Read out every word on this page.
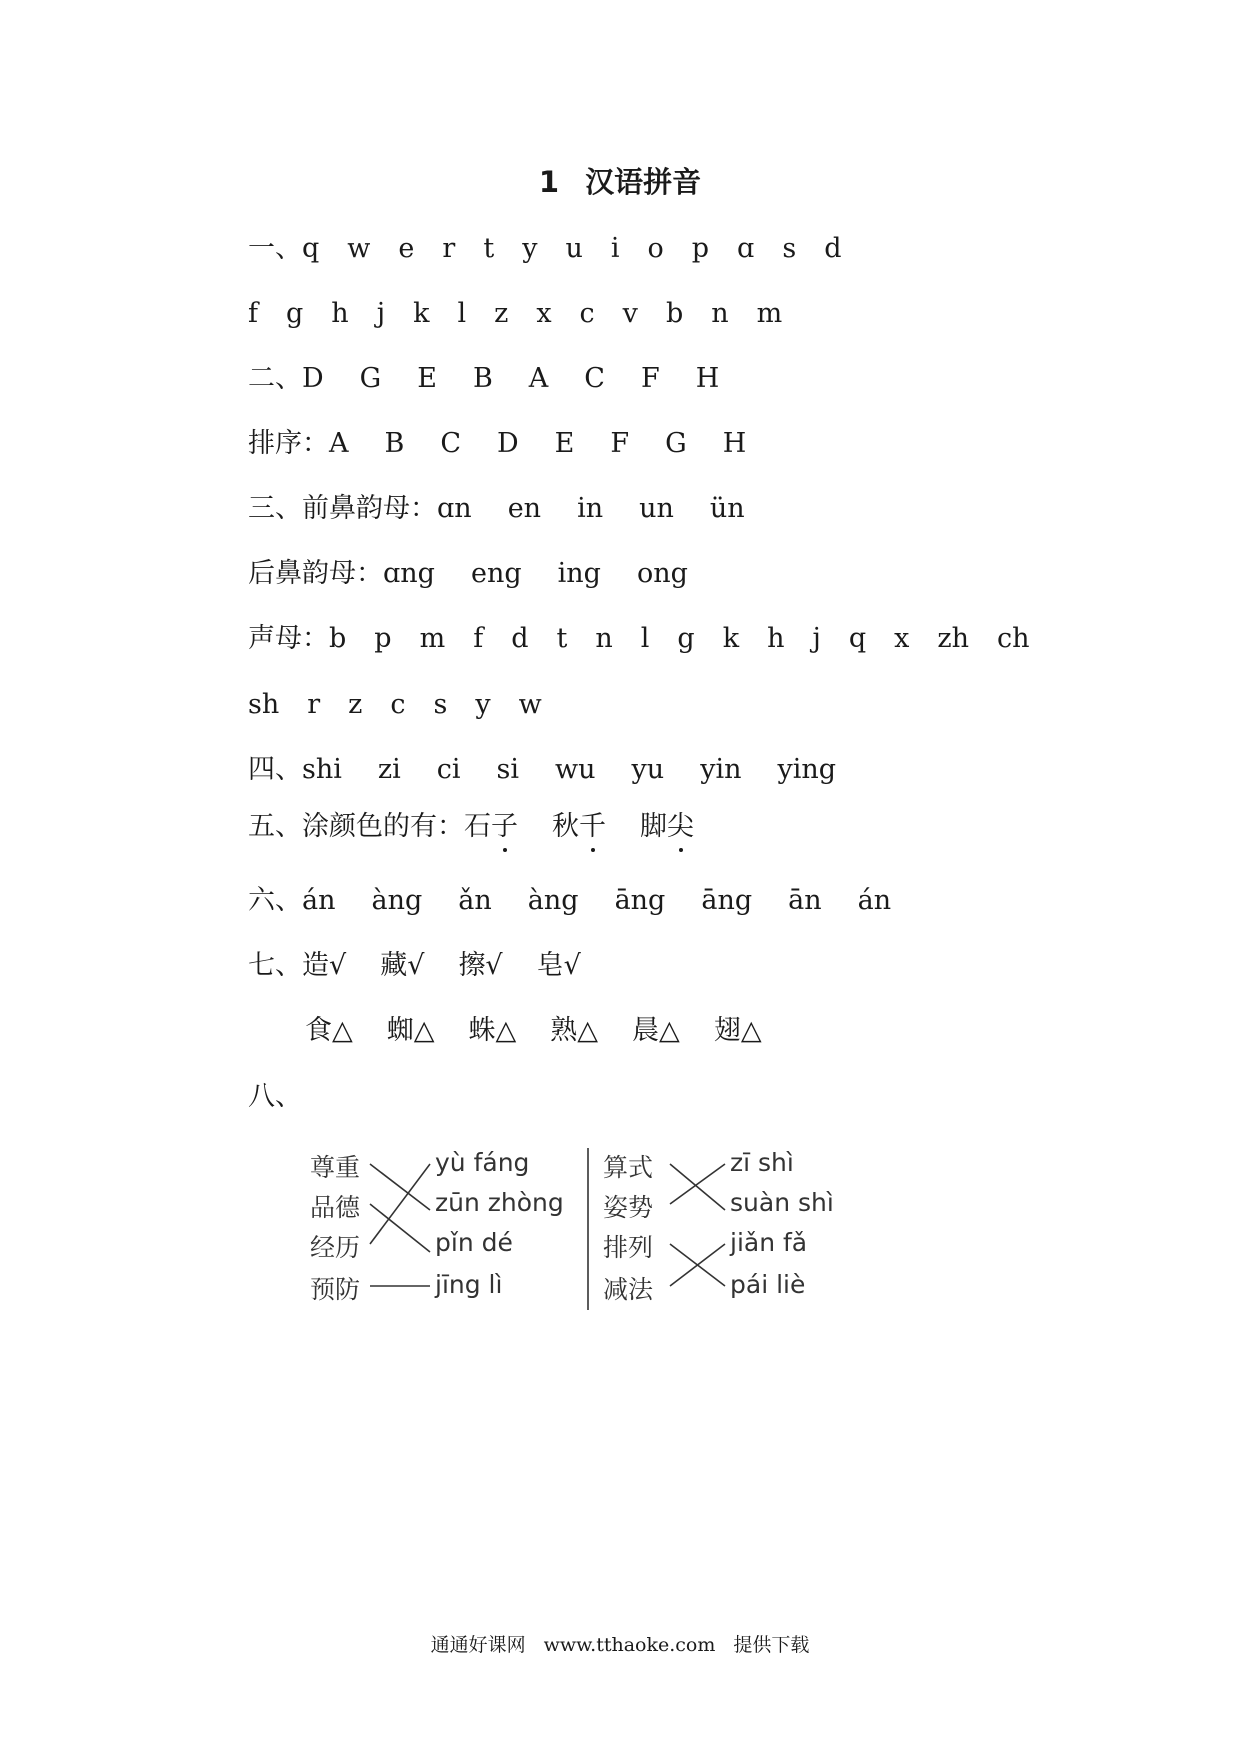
1 汉语拼音
一、q w e r t y u i o p ɑ s d
f g h j k l z x c v b n m
二、D G E B A C F H
排序：A B C D E F G H
三、前鼻韵母：ɑn en in un ün
后鼻韵母：ɑng eng ing ong
声母：b p m f d t n l g k h j q x zh ch
sh r z c s y w
四、shi zi ci si wu yu yin ying
五、涂颜色的有：石子 秋千 脚尖
六、án àng ǎn àng āng āng ān án
七、造√ 藏√ 擦√ 皂√
食△ 蜘△ 蛛△ 熟△ 晨△ 翅△
八、
尊重
品德
经历
预防
yù fáng
zūn zhòng
pǐn dé
jīng lì
算式
姿势
排列
减法
zī shì
suàn shì
jiǎn fǎ
pái liè
通通好课网 www.tthaoke.com 提供下载
